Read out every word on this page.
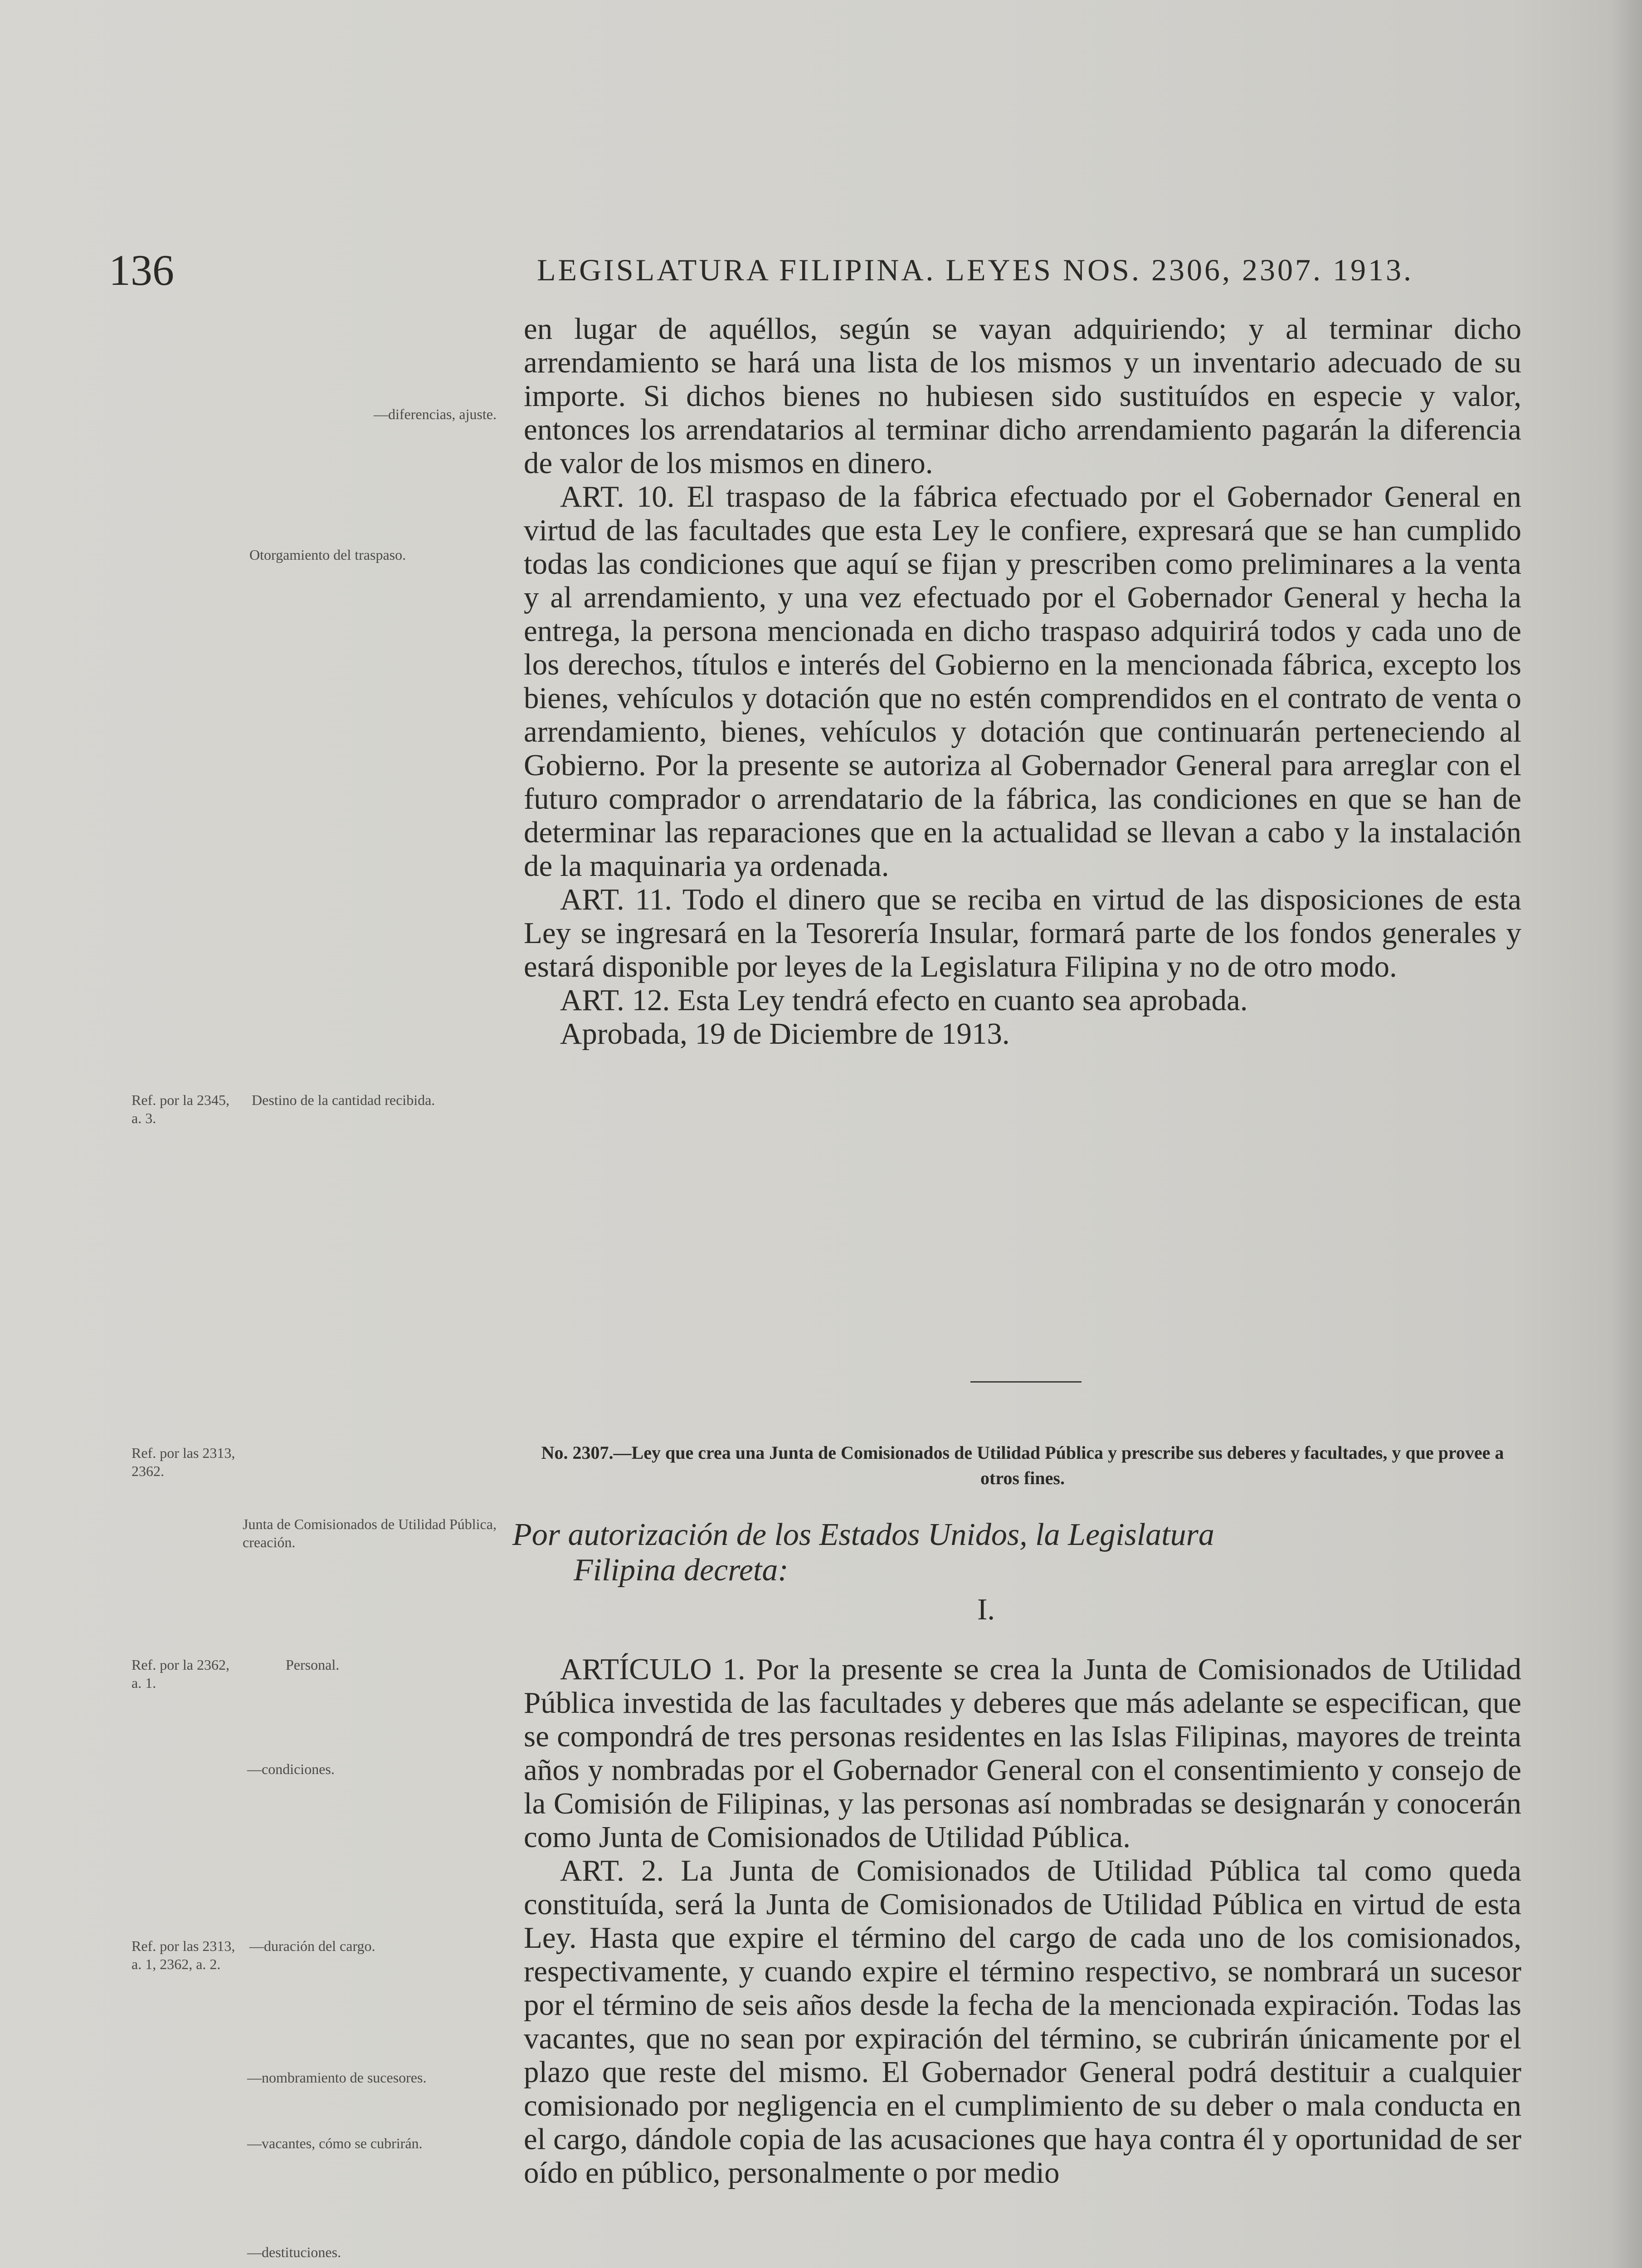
136	LEGISLATURA FILIPINA. LEYES NOS. 2306, 2307. 1913.

en lugar de aquéllos, según se vayan adquiriendo; y al terminar dicho arrendamiento se hará una lista de los mismos y un inventario adecuado de su importe. Si dichos bienes no hubiesen sido sustituídos en especie y valor, entonces los arrendatarios al terminar dicho arrendamiento pagarán la diferencia de valor de los mismos en dinero.

ART. 10. El traspaso de la fábrica efectuado por el Gobernador General en virtud de las facultades que esta Ley le confiere, expresará que se han cumplido todas las condiciones que aquí se fijan y prescriben como preliminares a la venta y al arrendamiento, y una vez efectuado por el Gobernador General y hecha la entrega, la persona mencionada en dicho traspaso adquirirá todos y cada uno de los derechos, títulos e interés del Gobierno en la mencionada fábrica, excepto los bienes, vehículos y dotación que no estén comprendidos en el contrato de venta o arrendamiento, bienes, vehículos y dotación que continuarán perteneciendo al Gobierno. Por la presente se autoriza al Gobernador General para arreglar con el futuro comprador o arrendatario de la fábrica, las condiciones en que se han de determinar las reparaciones que en la actualidad se llevan a cabo y la instalación de la maquinaria ya ordenada.

ART. 11. Todo el dinero que se reciba en virtud de las disposiciones de esta Ley se ingresará en la Tesorería Insular, formará parte de los fondos generales y estará disponible por leyes de la Legislatura Filipina y no de otro modo.

ART. 12. Esta Ley tendrá efecto en cuanto sea aprobada.

Aprobada, 19 de Diciembre de 1913.

—diferencias, ajuste.
Otorgamiento del traspaso.
Ref. por la 2345, a. 3.
Destino de la cantidad recibida.
No. 2307.—Ley que crea una Junta de Comisionados de Utilidad Pública y prescribe sus deberes y facultades, y que provee a otros fines.
Ref. por las 2313, 2362.

Por autorización de los Estados Unidos, la Legislatura

Filipina decreta:

Junta de Comisionados de Utilidad Pública, creación.
I.

ARTÍCULO 1. Por la presente se crea la Junta de Comisionados de Utilidad Pública investida de las facultades y deberes que más adelante se especifican, que se compondrá de tres personas residentes en las Islas Filipinas, mayores de treinta años y nombradas por el Gobernador General con el consentimiento y consejo de la Comisión de Filipinas, y las personas así nombradas se designarán y conocerán como Junta de Comisionados de Utilidad Pública.

ART. 2. La Junta de Comisionados de Utilidad Pública tal como queda constituída, será la Junta de Comisionados de Utilidad Pública en virtud de esta Ley. Hasta que expire el término del cargo de cada uno de los comisionados, respectivamente, y cuando expire el término respectivo, se nombrará un sucesor por el término de seis años desde la fecha de la mencionada expiración. Todas las vacantes, que no sean por expiración del término, se cubrirán únicamente por el plazo que reste del mismo. El Gobernador General podrá destituir a cualquier comisionado por negligencia en el cumplimiento de su deber o mala conducta en el cargo, dándole copia de las acusaciones que haya contra él y oportunidad de ser oído en público, personalmente o por medio

Ref. por la 2362, a. 1.
Personal.
—condiciones.
Ref. por las 2313, a. 1, 2362, a. 2.
—duración del cargo.
—nombramiento de sucesores.
—vacantes, cómo se cubrirán.
—destituciones.
